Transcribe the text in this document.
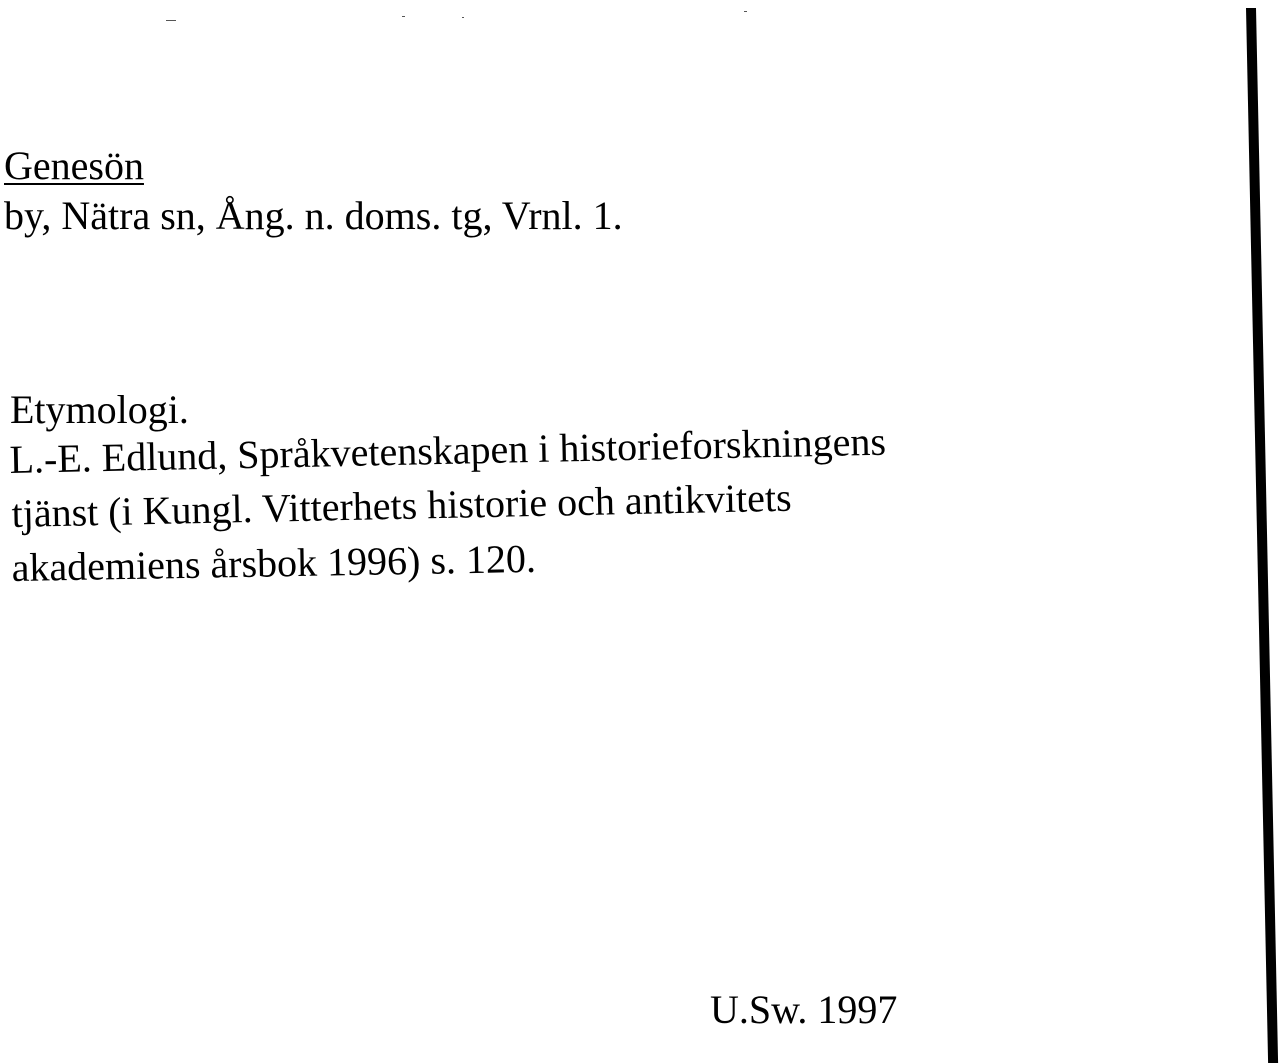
Genesön
by, Nätra sn, Ång. n. doms. tg, Vrnl. 1.
Etymologi.
L.-E. Edlund, Språkvetenskapen i historieforskningens
tjänst (i Kungl. Vitterhets historie och antikvitets
akademiens årsbok 1996) s. 120.
U.Sw. 1997
